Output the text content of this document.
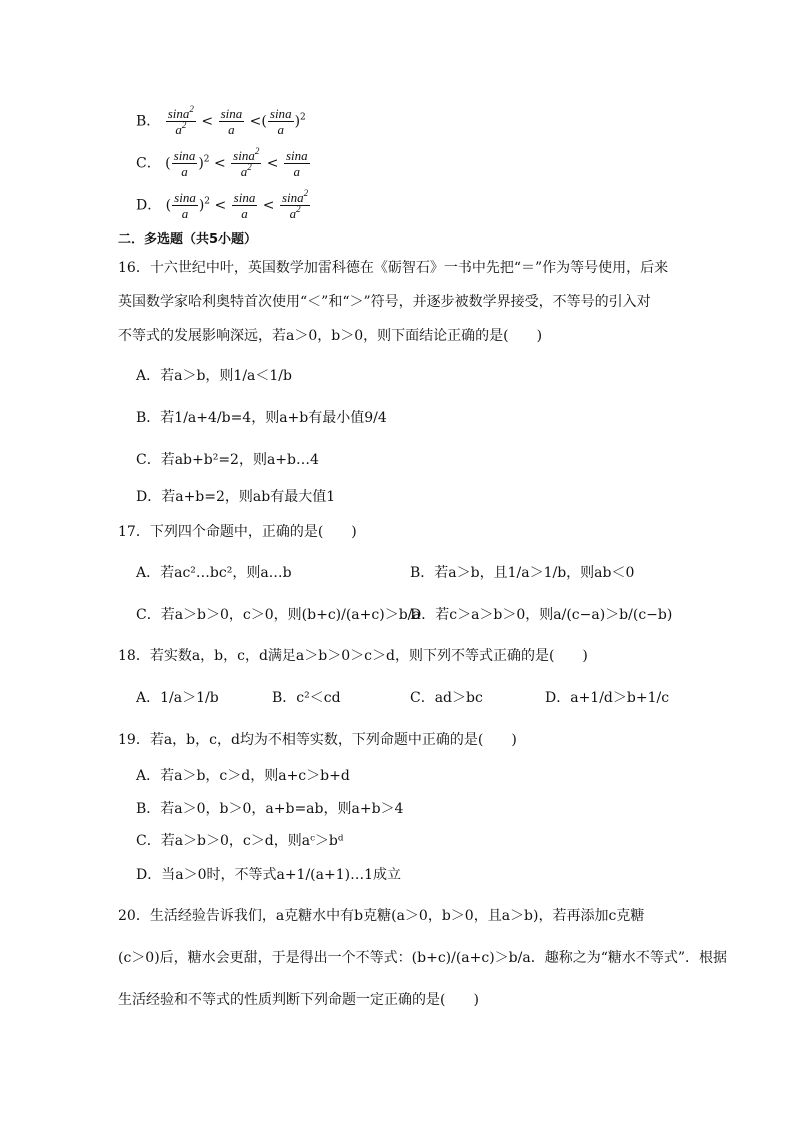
B． $\frac{\sin a^2}{a^2} < \frac{\sin a}{a}$ <( $\frac{\sin a}{a} )^2$
C． ( $\frac{\sin a}{a} )^2 < \frac{\sin a^2}{a^2} < \frac{\sin a}{a}$
D． ( $\frac{\sin a}{a} )^2 < \frac{\sin a}{a} < \frac{\sin a^2}{a^2}$
二．多选题（共5小题）
16．十六世纪中叶，英国数学加雷科德在《砺智石》一书中先把“＝”作为等号使用，后来
英国数学家哈利奥特首次使用“＜”和“＞”符号，并逐步被数学界接受，不等号的引入对
不等式的发展影响深远，若a＞0，b＞0，则下面结论正确的是(　　)
A．若a＞b，则1/a＜1/b
B．若1/a+4/b=4，则a+b有最小值9/4
C．若ab+b²=2，则a+b…4
D．若a+b=2，则ab有最大值1
17．下列四个命题中，正确的是(　　)
A．若ac²…bc²，则a…b	B．若a＞b，且1/a＞1/b，则ab＜0
C．若a＞b＞0，c＞0，则(b+c)/(a+c)＞b/a
D．若c＞a＞b＞0，则a/(c−a)＞b/(c−b)
18．若实数a，b，c，d满足a＞b＞0＞c＞d，则下列不等式正确的是(　　)
A．1/a＞1/b	B．c²＜cd	C．ad＞bc	D．a+1/d＞b+1/c
19．若a，b，c，d均为不相等实数，下列命题中正确的是(　　)
A．若a＞b，c＞d，则a+c＞b+d
B．若a＞0，b＞0，a+b=ab，则a+b＞4
C．若a＞b＞0，c＞d，则aᶜ＞bᵈ
D．当a＞0时，不等式a+1/(a+1)…1成立
20．生活经验告诉我们，a克糖水中有b克糖(a＞0，b＞0，且a＞b)，若再添加c克糖
(c＞0)后，糖水会更甜，于是得出一个不等式：(b+c)/(a+c)＞b/a．趣称之为“糖水不等式”．根据
生活经验和不等式的性质判断下列命题一定正确的是(　　)
